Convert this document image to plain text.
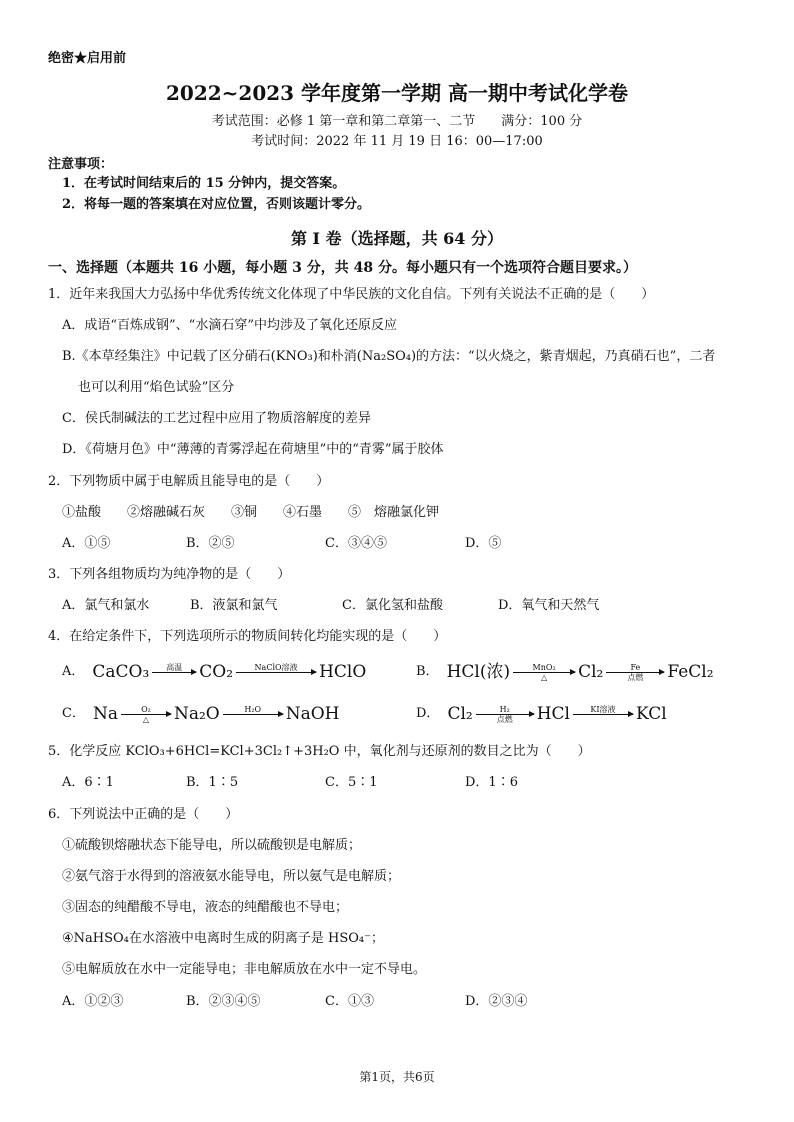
绝密★启用前
2022~2023 学年度第一学期 高一期中考试化学卷
考试范围：必修 1 第一章和第二章第一、二节　　满分：100 分
考试时间：2022 年 11 月 19 日 16：00—17:00
注意事项：
1．在考试时间结束后的 15 分钟内，提交答案。
2．将每一题的答案填在对应位置，否则该题计零分。
第 I 卷（选择题，共 64 分）
一、选择题（本题共 16 小题，每小题 3 分，共 48 分。每小题只有一个选项符合题目要求。）
1．近年来我国大力弘扬中华优秀传统文化体现了中华民族的文化自信。下列有关说法不正确的是（　　）
A．成语“百炼成钢”、“水滴石穿”中均涉及了氧化还原反应
B.《本草经集注》中记载了区分硝石(KNO₃)和朴消(Na₂SO₄)的方法：“以火烧之，紫青烟起，乃真硝石也”，二者
也可以利用“焰色试验”区分
C．侯氏制碱法的工艺过程中应用了物质溶解度的差异
D．《荷塘月色》中“薄薄的青雾浮起在荷塘里”中的“青雾”属于胶体
2．下列物质中属于电解质且能导电的是（　　）
①盐酸　　②熔融碱石灰　　③铜　　④石墨　　⑤　熔融氯化钾
A．①⑤	B．②⑤	C．③④⑤	D．⑤
3．下列各组物质均为纯净物的是（　　）
A．氯气和氯水	B．液氯和氯气	C．氯化氢和盐酸	D．氧气和天然气
4．在给定条件下，下列选项所示的物质间转化均能实现的是（　　）
A． CaCO₃ 高温 CO₂	NaClO溶液 HClO	B． HCl(浓)	MnO₂
△ Cl₂	Fe
点燃 FeCl₂
C． Na	O₂
△ Na₂O	H₂O NaOH	D． Cl₂	H₂
点燃 HCl	KI溶液 KCl
5．化学反应 KClO₃+6HCl=KCl+3Cl₂↑+3H₂O 中，氧化剂与还原剂的数目之比为（　　）
A．6∶1	B．1∶5	C．5∶1	D．1∶6
6．下列说法中正确的是（　　）
①硫酸钡熔融状态下能导电，所以硫酸钡是电解质；
②氨气溶于水得到的溶液氨水能导电，所以氨气是电解质；
③固态的纯醋酸不导电，液态的纯醋酸也不导电；
④NaHSO₄在水溶液中电离时生成的阴离子是 HSO₄⁻；
⑤电解质放在水中一定能导电；非电解质放在水中一定不导电。
A．①②③	B．②③④⑤	C．①③	D．②③④
第1页，共6页
